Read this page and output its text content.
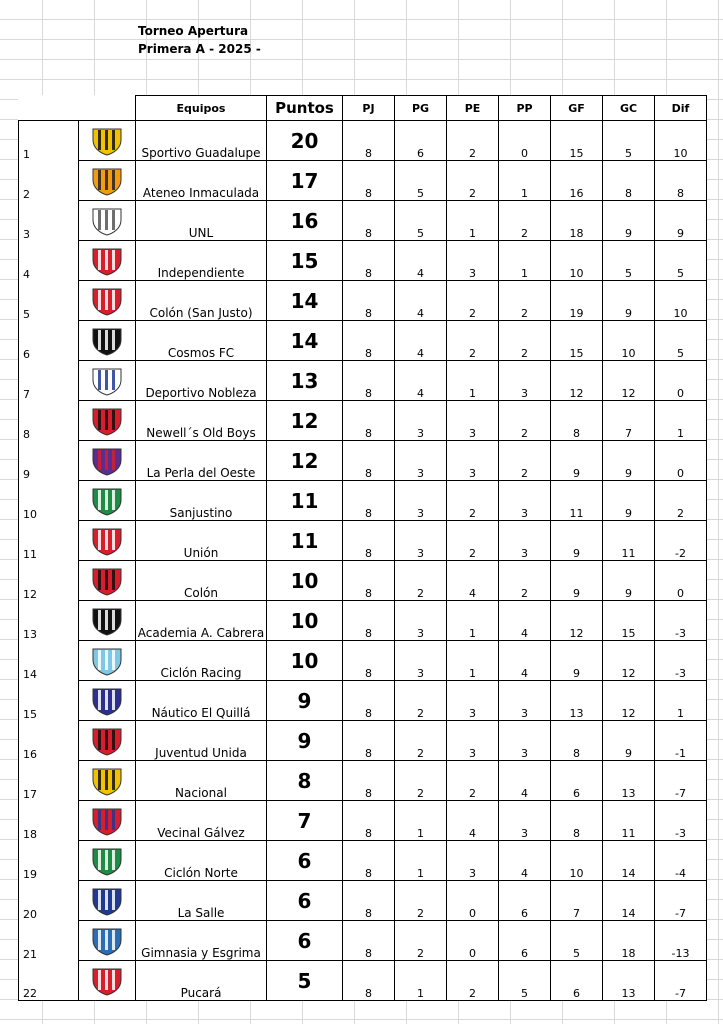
Torneo Apertura
Primera A - 2025 -
		Equipos	Puntos	PJ	PG	PE	PP	GF	GC	Dif
1		Sportivo Guadalupe	20	8	6	2	0	15	5	10
2		Ateneo Inmaculada	17	8	5	2	1	16	8	8
3		UNL	16	8	5	1	2	18	9	9
4		Independiente	15	8	4	3	1	10	5	5
5		Colón (San Justo)	14	8	4	2	2	19	9	10
6		Cosmos FC	14	8	4	2	2	15	10	5
7		Deportivo Nobleza	13	8	4	1	3	12	12	0
8		Newell´s Old Boys	12	8	3	3	2	8	7	1
9		La Perla del Oeste	12	8	3	3	2	9	9	0
10		Sanjustino	11	8	3	2	3	11	9	2
11		Unión	11	8	3	2	3	9	11	-2
12		Colón	10	8	2	4	2	9	9	0
13		Academia A. Cabrera	10	8	3	1	4	12	15	-3
14		Ciclón Racing	10	8	3	1	4	9	12	-3
15		Náutico El Quillá	9	8	2	3	3	13	12	1
16		Juventud Unida	9	8	2	3	3	8	9	-1
17		Nacional	8	8	2	2	4	6	13	-7
18		Vecinal Gálvez	7	8	1	4	3	8	11	-3
19		Ciclón Norte	6	8	1	3	4	10	14	-4
20		La Salle	6	8	2	0	6	7	14	-7
21		Gimnasia y Esgrima	6	8	2	0	6	5	18	-13
22		Pucará	5	8	1	2	5	6	13	-7
